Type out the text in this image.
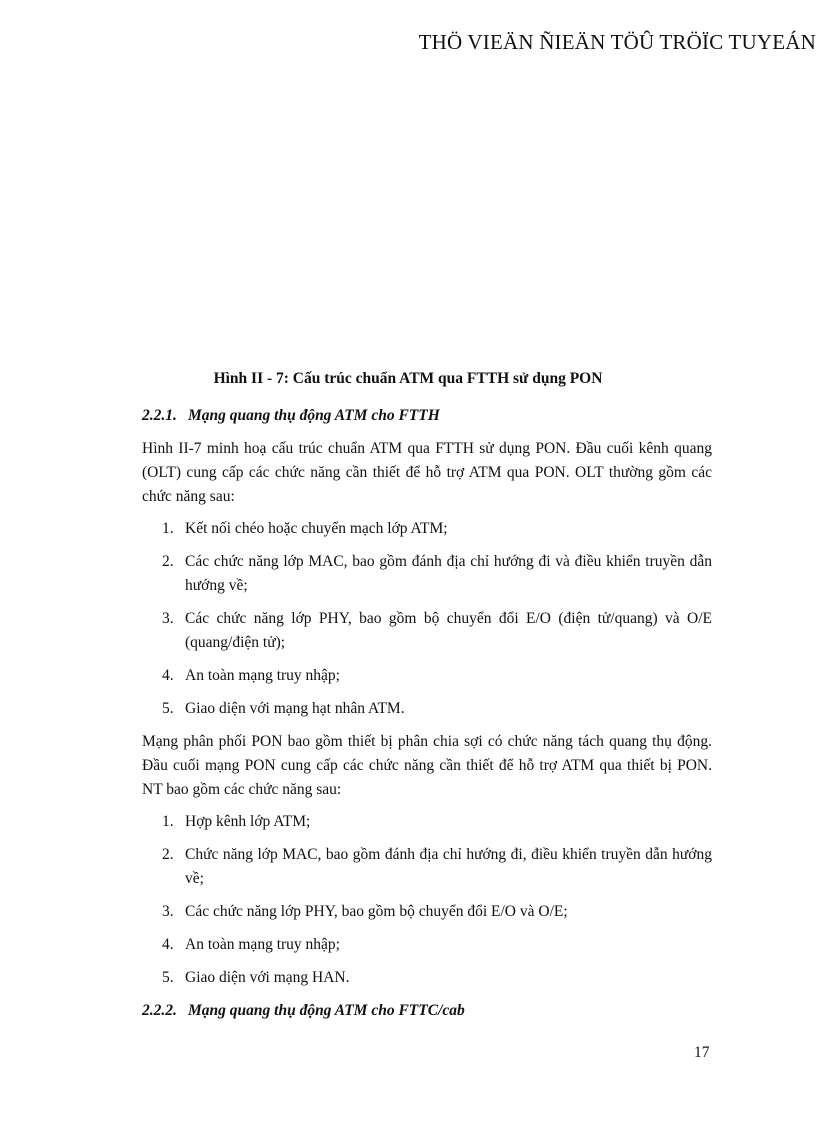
THÖ VIEÄN ÑIEÄN TÖÛ TRÖÏC TUYEÁN
Hình II - 7: Cấu trúc chuẩn ATM qua FTTH sử dụng PON
2.2.1. Mạng quang thụ động ATM cho FTTH
Hình II-7 minh hoạ cấu trúc chuẩn ATM qua FTTH sử dụng PON. Đầu cuối kênh quang (OLT) cung cấp các chức năng cần thiết để hỗ trợ ATM qua PON. OLT thường gồm các chức năng sau:
1. Kết nối chéo hoặc chuyển mạch lớp ATM;
2. Các chức năng lớp MAC, bao gồm đánh địa chỉ hướng đi và điều khiển truyền dẫn hướng về;
3. Các chức năng lớp PHY, bao gồm bộ chuyển đổi E/O (điện tử/quang) và O/E (quang/điện tử);
4. An toàn mạng truy nhập;
5. Giao diện với mạng hạt nhân ATM.
Mạng phân phối PON bao gồm thiết bị phân chia sợi có chức năng tách quang thụ động. Đầu cuối mạng PON cung cấp các chức năng cần thiết để hỗ trợ ATM qua thiết bị PON. NT bao gồm các chức năng sau:
1. Hợp kênh lớp ATM;
2. Chức năng lớp MAC, bao gồm đánh địa chỉ hướng đi, điều khiển truyền dẫn hướng về;
3. Các chức năng lớp PHY, bao gồm bộ chuyển đổi E/O và O/E;
4. An toàn mạng truy nhập;
5. Giao diện với mạng HAN.
2.2.2. Mạng quang thụ động ATM cho FTTC/cab
17
